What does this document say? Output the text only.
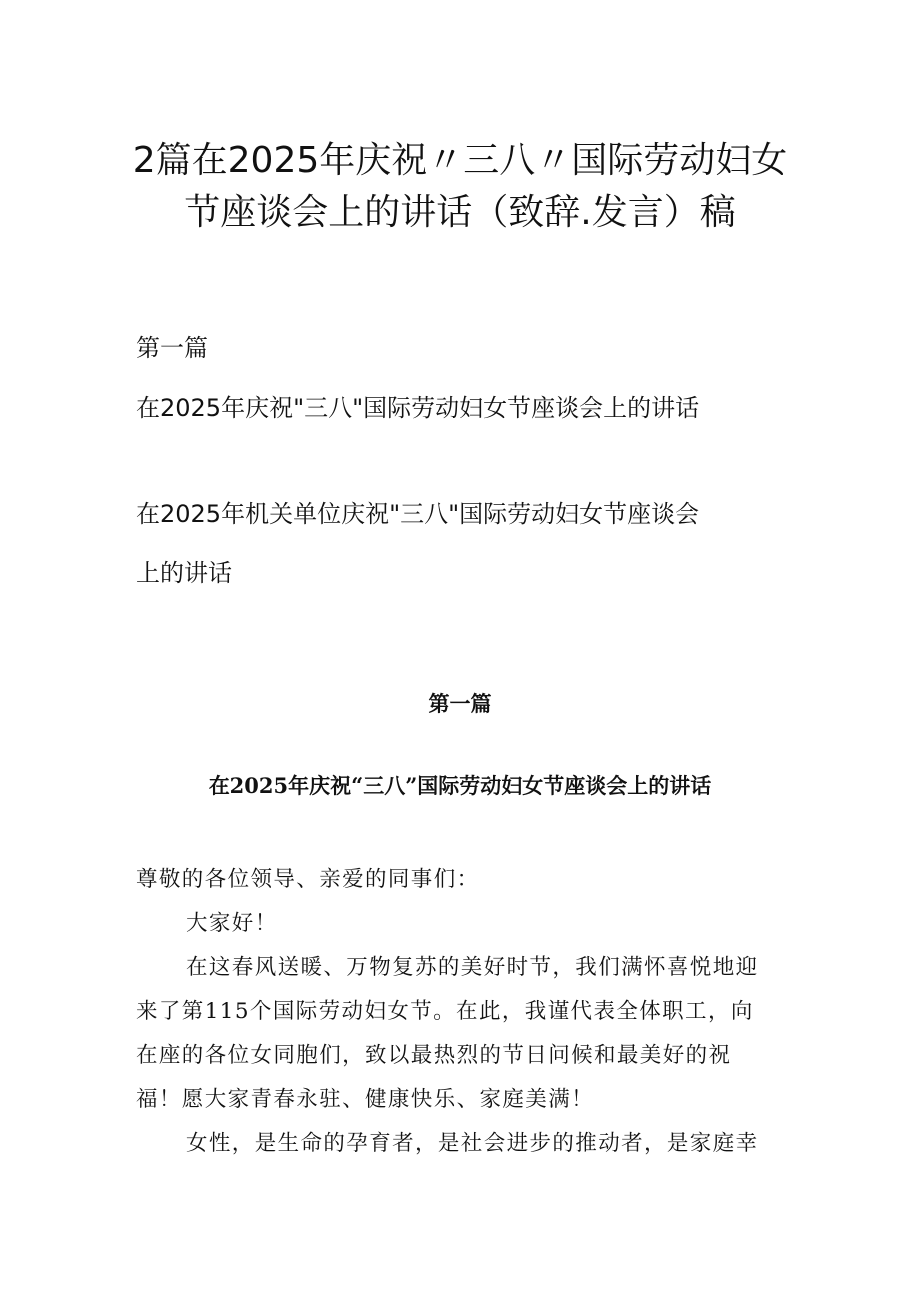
2篇在2025年庆祝〃三八〃国际劳动妇女
节座谈会上的讲话（致辞.发言）稿

第一篇

在2025年庆祝"三八"国际劳动妇女节座谈会上的讲话

在2025年机关单位庆祝"三八"国际劳动妇女节座谈会

上的讲话

第一篇
在2025年庆祝“三八”国际劳动妇女节座谈会上的讲话

尊敬的各位领导、亲爱的同事们：

大家好！

在这春风送暖、万物复苏的美好时节，我们满怀喜悦地迎

来了第115个国际劳动妇女节。在此，我谨代表全体职工，向

在座的各位女同胞们，致以最热烈的节日问候和最美好的祝

福！愿大家青春永驻、健康快乐、家庭美满！

女性，是生命的孕育者，是社会进步的推动者，是家庭幸
